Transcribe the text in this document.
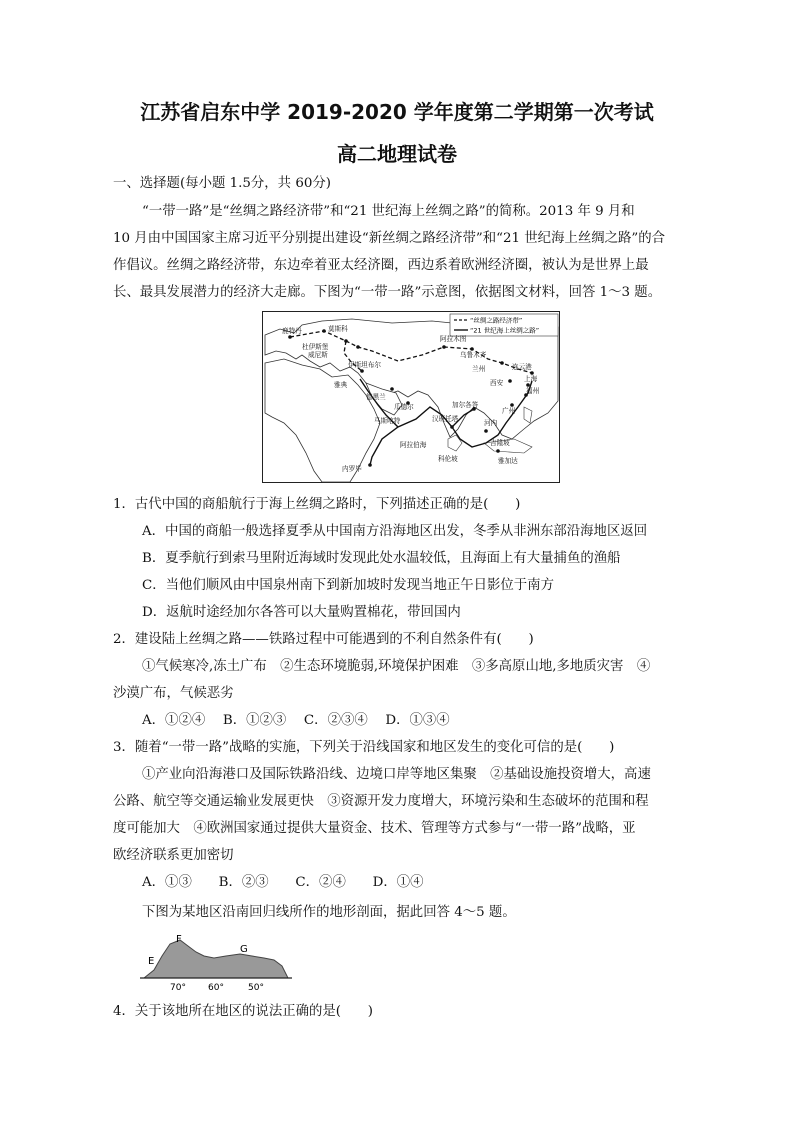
江苏省启东中学 2019-2020 学年度第二学期第一次考试
高二地理试卷
一、选择题(每小题 1.5分，共 60分)
“一带一路”是“丝绸之路经济带”和“21 世纪海上丝绸之路”的简称。2013 年 9 月和
10 月由中国国家主席习近平分别提出建设“新丝绸之路经济带”和“21 世纪海上丝绸之路”的合
作倡议。丝绸之路经济带，东边牵着亚太经济圈，西边系着欧洲经济圈，被认为是世界上最
长、最具发展潜力的经济大走廊。下图为“一带一路”示意图，依据图文材料，回答 1～3 题。
“丝绸之路经济带”
“21 世纪海上丝绸之路”
鹿特丹	莫斯科
杜伊斯堡
威尼斯
伊斯坦布尔
阿拉木图
乌鲁木齐
兰州	连云港
西安	上海
福州
广州
雅典
德黑兰
瓜德尔
马斯喀特
加尔各答
汉班托塔	河内
吉隆坡
雅加达
科伦坡
阿拉伯海
内罗毕
1．古代中国的商船航行于海上丝绸之路时，下列描述正确的是(　　)
A．中国的商船一般选择夏季从中国南方沿海地区出发，冬季从非洲东部沿海地区返回
B．夏季航行到索马里附近海域时发现此处水温较低，且海面上有大量捕鱼的渔船
C．当他们顺风由中国泉州南下到新加坡时发现当地正午日影位于南方
D．返航时途经加尔各答可以大量购置棉花，带回国内
2．建设陆上丝绸之路——铁路过程中可能遇到的不利自然条件有(　　)
①气候寒冷,冻土广布　②生态环境脆弱,环境保护困难　③多高原山地,多地质灾害　④
沙漠广布，气候恶劣
A．①②④　 B．①②③　 C．②③④　 D．①③④
3．随着“一带一路”战略的实施，下列关于沿线国家和地区发生的变化可信的是(　　)
①产业向沿海港口及国际铁路沿线、边境口岸等地区集聚　②基础设施投资增大，高速
公路、航空等交通运输业发展更快　③资源开发力度增大，环境污染和生态破坏的范围和程
度可能加大　④欧洲国家通过提供大量资金、技术、管理等方式参与“一带一路”战略，亚
欧经济联系更加密切
A．①③　　B．②③　　C．②④　　D．①④
下图为某地区沿南回归线所作的地形剖面，据此回答 4～5 题。
E
F
G
70° 60°	50°
4．关于该地所在地区的说法正确的是(　　)
